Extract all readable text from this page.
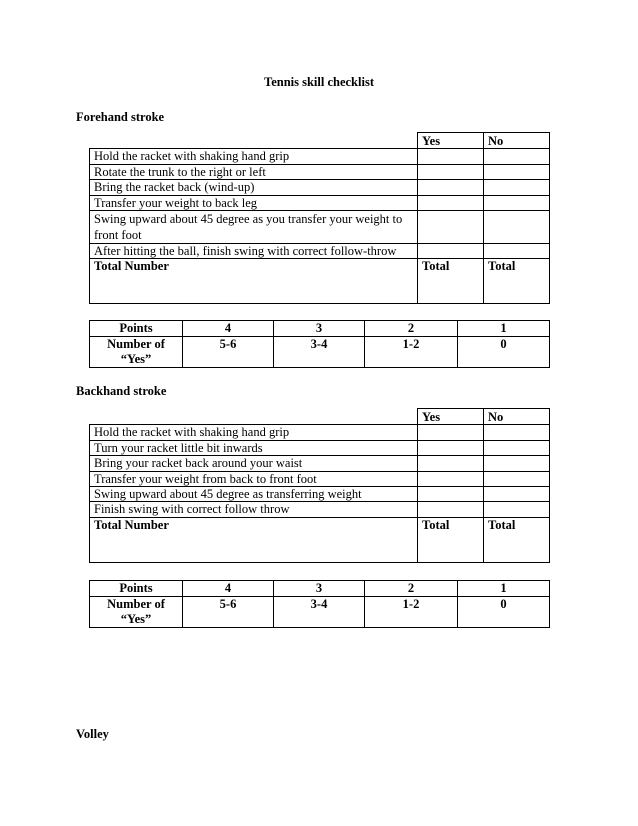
Tennis skill checklist
Forehand stroke
	Yes	No
Hold the racket with shaking hand grip		
Rotate the trunk to the right or left		
Bring the racket back (wind-up)		
Transfer your weight to back leg		
Swing upward about 45 degree as you transfer your weight to front foot		
After hitting the ball, finish swing with correct follow-throw		
Total Number	Total	Total
Points	4	3	2	1

Number of
“Yes”	5-6	3-4	1-2	0
Backhand stroke
	Yes	No
Hold the racket with shaking hand grip		
Turn your racket little bit inwards		
Bring your racket back around your waist		
Transfer your weight from back to front foot		
Swing upward about 45 degree as transferring weight		
Finish swing with correct follow throw		
Total Number	Total	Total
Points	4	3	2	1

Number of
“Yes”	5-6	3-4	1-2	0
Volley
